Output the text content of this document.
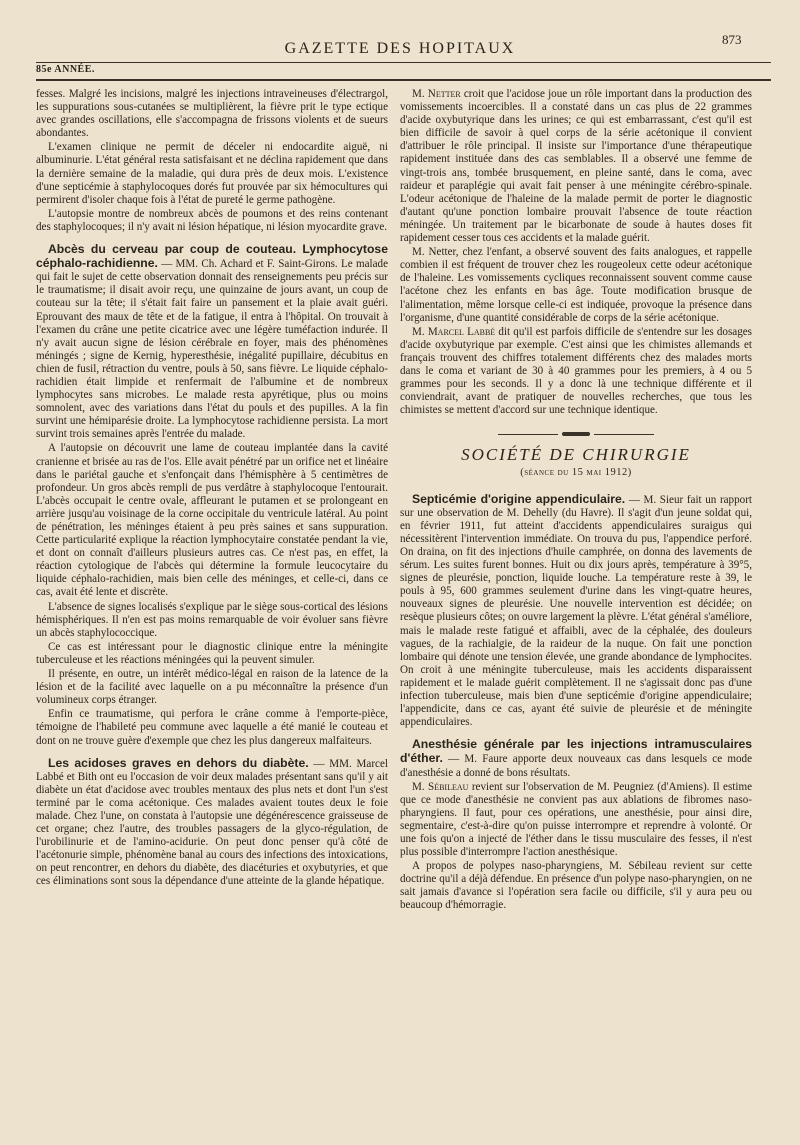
GAZETTE DES HOPITAUX
873
85e ANNÉE.

fesses. Malgré les incisions, malgré les injections intraveineuses d'électrargol, les suppurations sous-cutanées se multiplièrent, la fièvre prit le type ectique avec grandes oscillations, elle s'accompagna de frissons violents et de sueurs abondantes.

L'examen clinique ne permit de déceler ni endocardite aiguë, ni albuminurie. L'état général resta satisfaisant et ne déclina rapidement que dans la dernière semaine de la maladie, qui dura près de deux mois. L'existence d'une septicémie à staphylocoques dorés fut prouvée par six hémocultures qui permirent d'isoler chaque fois à l'état de pureté le germe pathogène.

L'autopsie montre de nombreux abcès de poumons et des reins contenant des staphylocoques; il n'y avait ni lésion hépatique, ni lésion myocardite grave.

Abcès du cerveau par coup de couteau. Lymphocytose céphalo-rachidienne. — MM. Ch. Achard et F. Saint-Girons. Le malade qui fait le sujet de cette observation donnait des renseignements peu précis sur le traumatisme; il disait avoir reçu, une quinzaine de jours avant, un coup de couteau sur la tête; il s'était fait faire un pansement et la plaie avait guéri. Eprouvant des maux de tête et de la fatigue, il entra à l'hôpital. On trouvait à l'examen du crâne une petite cicatrice avec une légère tuméfaction indurée. Il n'y avait aucun signe de lésion cérébrale en foyer, mais des phénomènes méningés ; signe de Kernig, hyperesthésie, inégalité pupillaire, décubitus en chien de fusil, rétraction du ventre, pouls à 50, sans fièvre. Le liquide céphalo-rachidien était limpide et renfermait de l'albumine et de nombreux lymphocytes sans microbes. Le malade resta apyrétique, plus ou moins somnolent, avec des variations dans l'état du pouls et des pupilles. A la fin survint une hémiparésie droite. La lymphocytose rachidienne persista. La mort survint trois semaines après l'entrée du malade.

A l'autopsie on découvrit une lame de couteau implantée dans la cavité cranienne et brisée au ras de l'os. Elle avait pénétré par un orifice net et linéaire dans le pariétal gauche et s'enfonçait dans l'hémisphère à 5 centimètres de profondeur. Un gros abcès rempli de pus verdâtre à staphylocoque l'entourait. L'abcès occupait le centre ovale, affleurant le putamen et se prolongeant en arrière jusqu'au voisinage de la corne occipitale du ventricule latéral. Au point de pénétration, les méninges étaient à peu près saines et sans suppuration. Cette particularité explique la réaction lymphocytaire constatée pendant la vie, et dont on connaît d'ailleurs plusieurs autres cas. Ce n'est pas, en effet, la réaction cytologique de l'abcès qui détermine la formule leucocytaire du liquide céphalo-rachidien, mais bien celle des méninges, et celle-ci, dans ce cas, avait été lente et discrète.

L'absence de signes localisés s'explique par le siège sous-cortical des lésions hémisphériques. Il n'en est pas moins remarquable de voir évoluer sans fièvre un abcès staphylococcique.

Ce cas est intéressant pour le diagnostic clinique entre la méningite tuberculeuse et les réactions méningées qui la peuvent simuler.

Il présente, en outre, un intérêt médico-légal en raison de la latence de la lésion et de la facilité avec laquelle on a pu méconnaître la présence d'un volumineux corps étranger.

Enfin ce traumatisme, qui perfora le crâne comme à l'emporte-pièce, témoigne de l'habileté peu commune avec laquelle a été manié le couteau et dont on ne trouve guère d'exemple que chez les plus dangereux malfaiteurs.

Les acidoses graves en dehors du diabète. — MM. Marcel Labbé et Bith ont eu l'occasion de voir deux malades présentant sans qu'il y ait diabète un état d'acidose avec troubles mentaux des plus nets et dont l'un s'est terminé par le coma acétonique. Ces malades avaient toutes deux le foie malade. Chez l'une, on constata à l'autopsie une dégénérescence graisseuse de cet organe; chez l'autre, des troubles passagers de la glyco-régulation, de l'urobilinurie et de l'amino-acidurie. On peut donc penser qu'à côté de l'acétonurie simple, phénomène banal au cours des infections des intoxications, on peut rencontrer, en dehors du diabète, des diacéturies et oxybutyries, et que ces éliminations sont sous la dépendance d'une atteinte de la glande hépatique.

M. Netter croit que l'acidose joue un rôle important dans la production des vomissements incoercibles. Il a constaté dans un cas plus de 22 grammes d'acide oxybutyrique dans les urines; ce qui est embarrassant, c'est qu'il est bien difficile de savoir à quel corps de la série acétonique il convient d'attribuer le rôle principal. Il insiste sur l'importance d'une thérapeutique rapidement instituée dans des cas semblables. Il a observé une femme de vingt-trois ans, tombée brusquement, en pleine santé, dans le coma, avec raideur et paraplégie qui avait fait penser à une méningite cérébro-spinale. L'odeur acétonique de l'haleine de la malade permit de porter le diagnostic d'autant qu'une ponction lombaire prouvait l'absence de toute réaction méningée. Un traitement par le bicarbonate de soude à hautes doses fit rapidement cesser tous ces accidents et la malade guérit.

M. Netter, chez l'enfant, a observé souvent des faits analogues, et rappelle combien il est fréquent de trouver chez les rougeoleux cette odeur acétonique de l'haleine. Les vomissements cycliques reconnaissent souvent comme cause l'acétone chez les enfants en bas âge. Toute modification brusque de l'alimentation, même lorsque celle-ci est indiquée, provoque la présence dans l'organisme, d'une quantité considérable de corps de la série acétonique.

M. Marcel Labbé dit qu'il est parfois difficile de s'entendre sur les dosages d'acide oxybutyrique par exemple. C'est ainsi que les chimistes allemands et français trouvent des chiffres totalement différents chez des malades morts dans le coma et variant de 30 à 40 grammes pour les premiers, à 4 ou 5 grammes pour les seconds. Il y a donc là une technique différente et il conviendrait, avant de pratiquer de nouvelles recherches, que tous les chimistes se mettent d'accord sur une technique identique.

SOCIÉTÉ DE CHIRURGIE
(séance du 15 mai 1912)

Septicémie d'origine appendiculaire. — M. Sieur fait un rapport sur une observation de M. Dehelly (du Havre). Il s'agit d'un jeune soldat qui, en février 1911, fut atteint d'accidents appendiculaires suraigus qui nécessitèrent l'intervention immédiate. On trouva du pus, l'appendice perforé. On draina, on fit des injections d'huile camphrée, on donna des lavements de sérum. Les suites furent bonnes. Huit ou dix jours après, température à 39°5, signes de pleurésie, ponction, liquide louche. La température reste à 39, le pouls à 95, 600 grammes seulement d'urine dans les vingt-quatre heures, nouveaux signes de pleurésie. Une nouvelle intervention est décidée; on resèque plusieurs côtes; on ouvre largement la plèvre. L'état général s'améliore, mais le malade reste fatigué et affaibli, avec de la céphalée, des douleurs vagues, de la rachialgie, de la raideur de la nuque. On fait une ponction lombaire qui dénote une tension élevée, une grande abondance de lymphocites. On croit à une méningite tuberculeuse, mais les accidents disparaissent rapidement et le malade guérit complètement. Il ne s'agissait donc pas d'une infection tuberculeuse, mais bien d'une septicémie d'origine appendiculaire; l'appendicite, dans ce cas, ayant été suivie de pleurésie et de méningite appendiculaires.

Anesthésie générale par les injections intramusculaires d'éther. — M. Faure apporte deux nouveaux cas dans lesquels ce mode d'anesthésie a donné de bons résultats.

M. Sébileau revient sur l'observation de M. Peugniez (d'Amiens). Il estime que ce mode d'anesthésie ne convient pas aux ablations de fibromes naso-pharyngiens. Il faut, pour ces opérations, une anesthésie, pour ainsi dire, segmentaire, c'est-à-dire qu'on puisse interrompre et reprendre à volonté. Or une fois qu'on a injecté de l'éther dans le tissu musculaire des fesses, il n'est plus possible d'interrompre l'action anesthésique.

A propos de polypes naso-pharyngiens, M. Sébileau revient sur cette doctrine qu'il a déjà défendue. En présence d'un polype naso-pharyngien, on ne sait jamais d'avance si l'opération sera facile ou difficile, s'il y aura peu ou beaucoup d'hémorragie.
